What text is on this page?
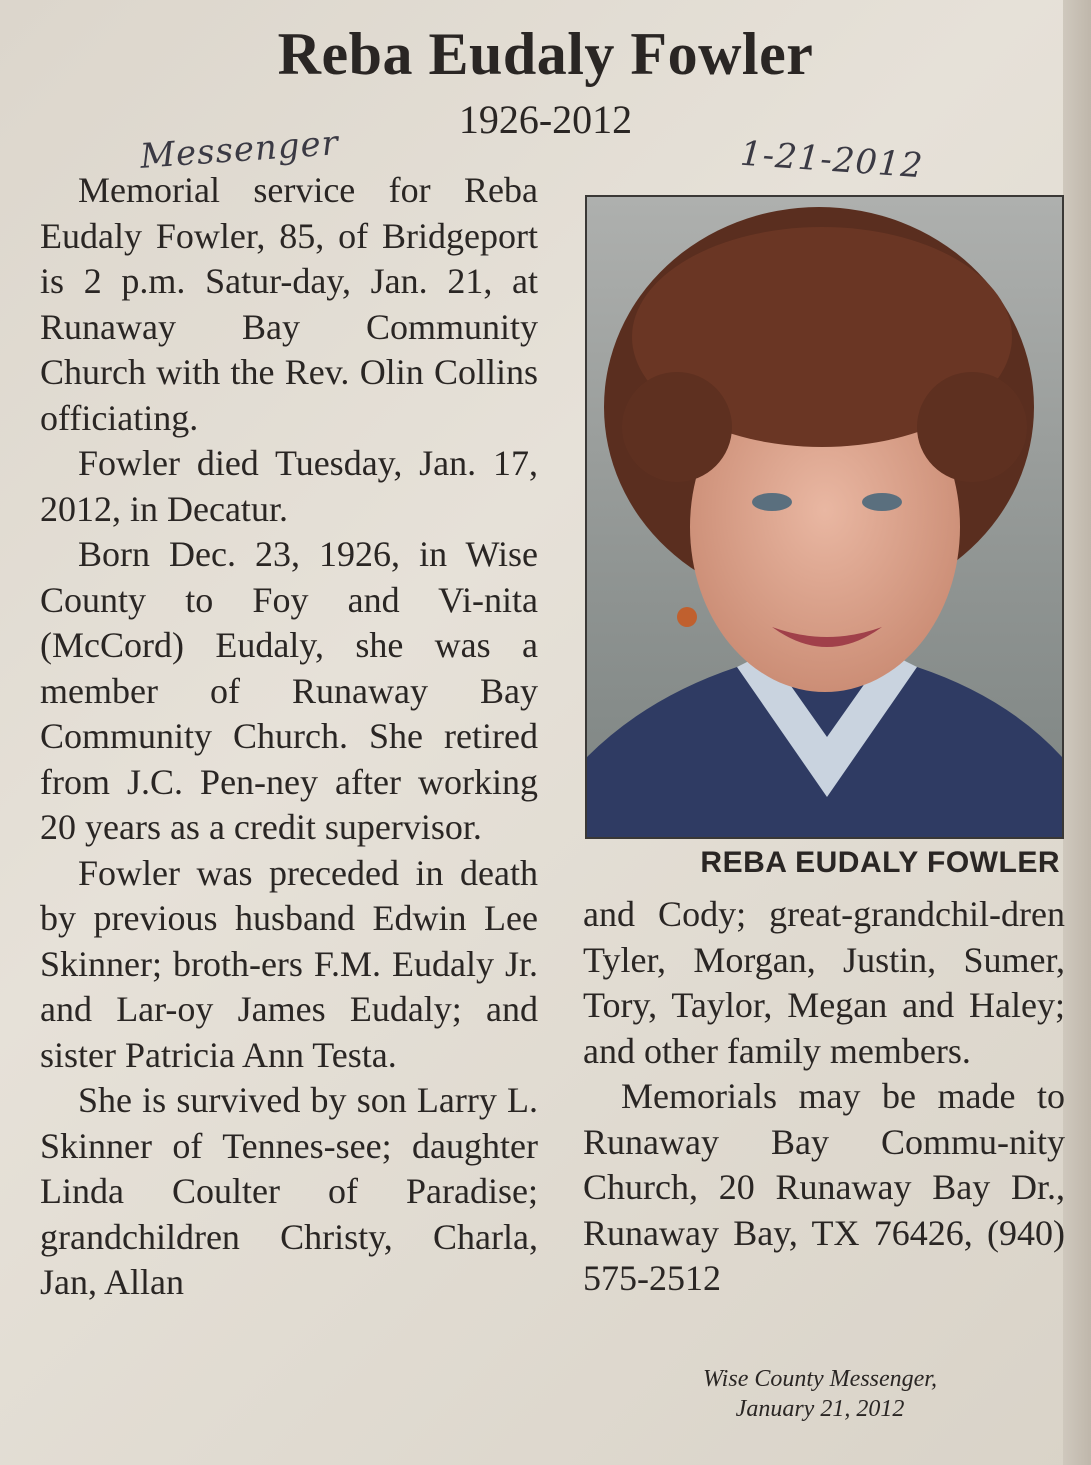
Reba Eudaly Fowler
1926-2012
Messenger	1-21-2012

Memorial service for Reba Eudaly Fowler, 85, of Bridgeport is 2 p.m. Satur-day, Jan. 21, at Runaway Bay Community Church with the Rev. Olin Collins officiating.

Fowler died Tuesday, Jan. 17, 2012, in Decatur.

Born Dec. 23, 1926, in Wise County to Foy and Vi-nita (McCord) Eudaly, she was a member of Runaway Bay Community Church. She retired from J.C. Pen-ney after working 20 years as a credit supervisor.

Fowler was preceded in death by previous husband Edwin Lee Skinner; broth-ers F.M. Eudaly Jr. and Lar-oy James Eudaly; and sister Patricia Ann Testa.

She is survived by son Larry L. Skinner of Tennes-see; daughter Linda Coulter of Paradise; grandchildren Christy, Charla, Jan, Allan

REBA EUDALY FOWLER

and Cody; great-grandchil-dren Tyler, Morgan, Justin, Sumer, Tory, Taylor, Megan and Haley; and other family members.

Memorials may be made to Runaway Bay Commu-nity Church, 20 Runaway Bay Dr., Runaway Bay, TX 76426, (940) 575-2512

Wise County Messenger,
January 21, 2012
